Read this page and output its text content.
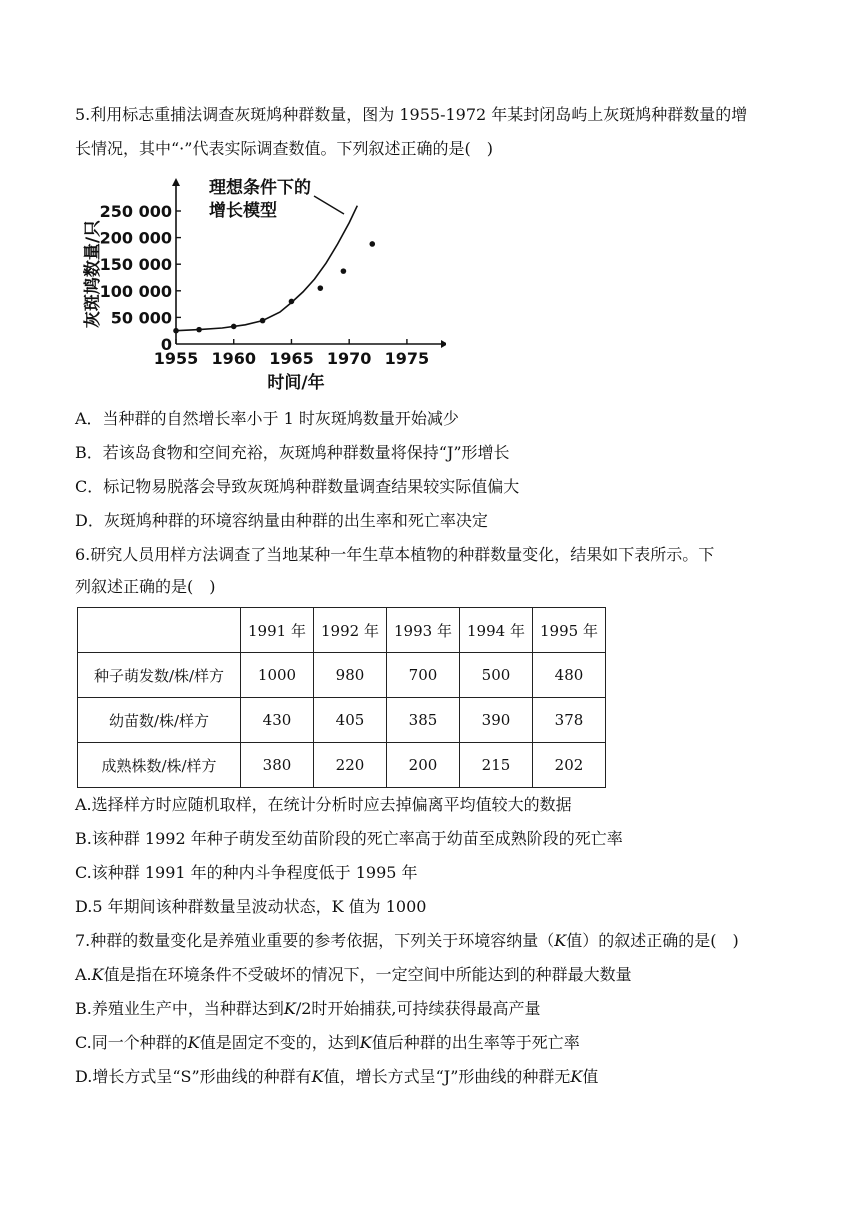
5.利用标志重捕法调查灰斑鸠种群数量，图为 1955-1972 年某封闭岛屿上灰斑鸠种群数量的增
长情况，其中“·”代表实际调查数值。下列叙述正确的是(　)
1955 1960 1965 1970 1975
0
50 000
100 000
150 000
200 000
250 000
灰斑鸠数量/只
时间/年
理想条件下的
增长模型
A．当种群的自然增长率小于 1 时灰斑鸠数量开始减少
B．若该岛食物和空间充裕，灰斑鸠种群数量将保持“J”形增长
C．标记物易脱落会导致灰斑鸠种群数量调查结果较实际值偏大
D．灰斑鸠种群的环境容纳量由种群的出生率和死亡率决定
6.研究人员用样方法调查了当地某种一年生草本植物的种群数量变化，结果如下表所示。下
列叙述正确的是(　)
	1991 年	1992 年	1993 年	1994 年	1995 年
种子萌发数/株/样方	1000	980	700	500	480
幼苗数/株/样方	430	405	385	390	378
成熟株数/株/样方	380	220	200	215	202
A.选择样方时应随机取样，在统计分析时应去掉偏离平均值较大的数据
B.该种群 1992 年种子萌发至幼苗阶段的死亡率高于幼苗至成熟阶段的死亡率
C.该种群 1991 年的种内斗争程度低于 1995 年
D.5 年期间该种群数量呈波动状态，K 值为 1000
7.种群的数量变化是养殖业重要的参考依据，下列关于环境容纳量（K值）的叙述正确的是(　)
A.K值是指在环境条件不受破坏的情况下，一定空间中所能达到的种群最大数量
B.养殖业生产中，当种群达到K/2时开始捕获,可持续获得最高产量
C.同一个种群的K值是固定不变的，达到K值后种群的出生率等于死亡率
D.增长方式呈“S”形曲线的种群有K值，增长方式呈“J”形曲线的种群无K值
